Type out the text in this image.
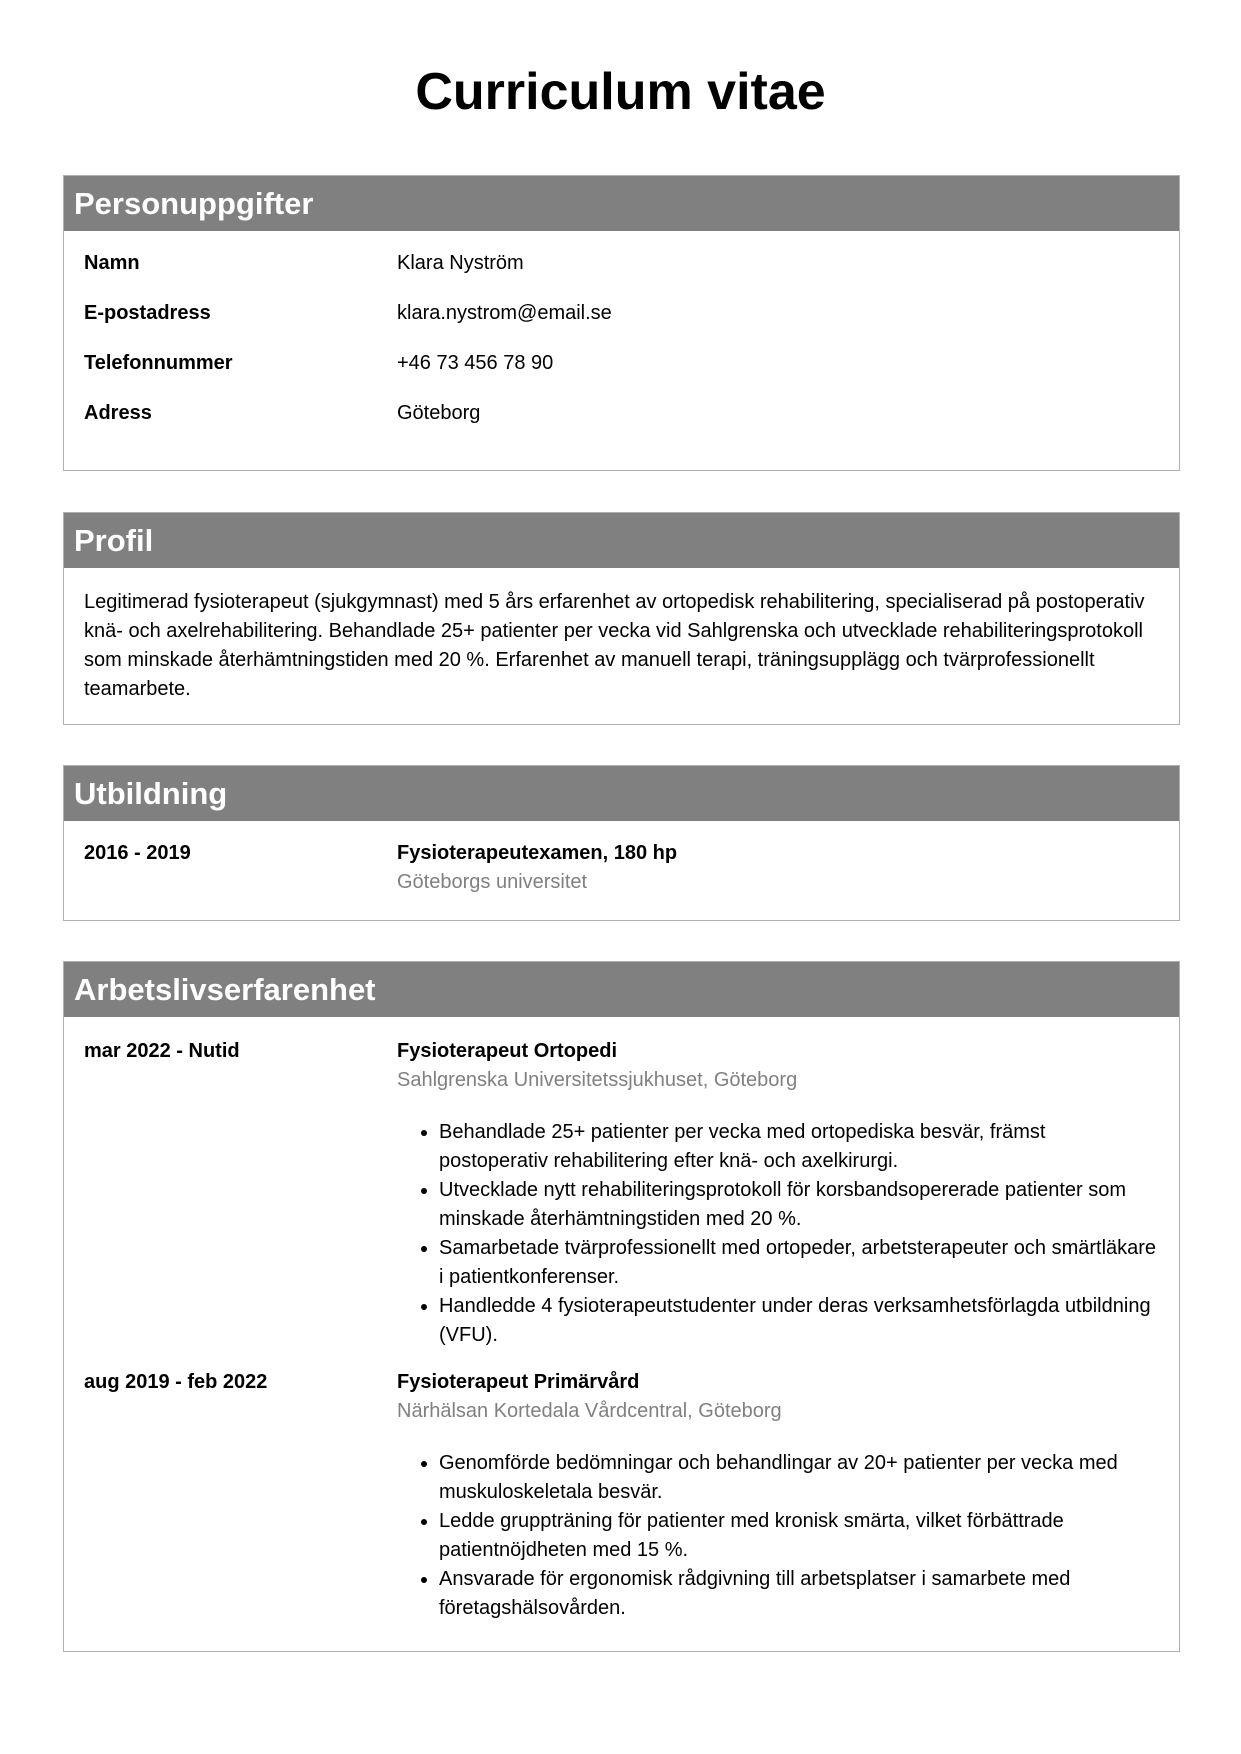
Curriculum vitae
Personuppgifter
Namn	Klara Nyström
E-postadress	klara.nystrom@email.se
Telefonnummer	+46 73 456 78 90
Adress	Göteborg
Profil

Legitimerad fysioterapeut (sjukgymnast) med 5 års erfarenhet av ortopedisk rehabilitering, specialiserad på postoperativ knä- och axelrehabilitering. Behandlade 25+ patienter per vecka vid Sahlgrenska och utvecklade rehabiliteringsprotokoll som minskade återhämtningstiden med 20 %. Erfarenhet av manuell terapi, träningsupplägg och tvärprofessionellt teamarbete.

Utbildning
2016 - 2019	Fysioterapeutexamen, 180 hp
Göteborgs universitet
Arbetslivserfarenhet
mar 2022 - Nutid	Fysioterapeut Ortopedi
Sahlgrenska Universitetssjukhuset, Göteborg
• Behandlade 25+ patienter per vecka med ortopediska besvär, främst postoperativ rehabilitering efter knä- och axelkirurgi.
• Utvecklade nytt rehabiliteringsprotokoll för korsbandsopererade patienter som minskade återhämtningstiden med 20 %.
• Samarbetade tvärprofessionellt med ortopeder, arbetsterapeuter och smärtläkare i patientkonferenser.
• Handledde 4 fysioterapeutstudenter under deras verksamhetsförlagda utbildning (VFU).
aug 2019 - feb 2022	Fysioterapeut Primärvård
Närhälsan Kortedala Vårdcentral, Göteborg
• Genomförde bedömningar och behandlingar av 20+ patienter per vecka med muskuloskeletala besvär.
• Ledde gruppträning för patienter med kronisk smärta, vilket förbättrade patientnöjdheten med 15 %.
• Ansvarade för ergonomisk rådgivning till arbetsplatser i samarbete med företagshälsovården.
